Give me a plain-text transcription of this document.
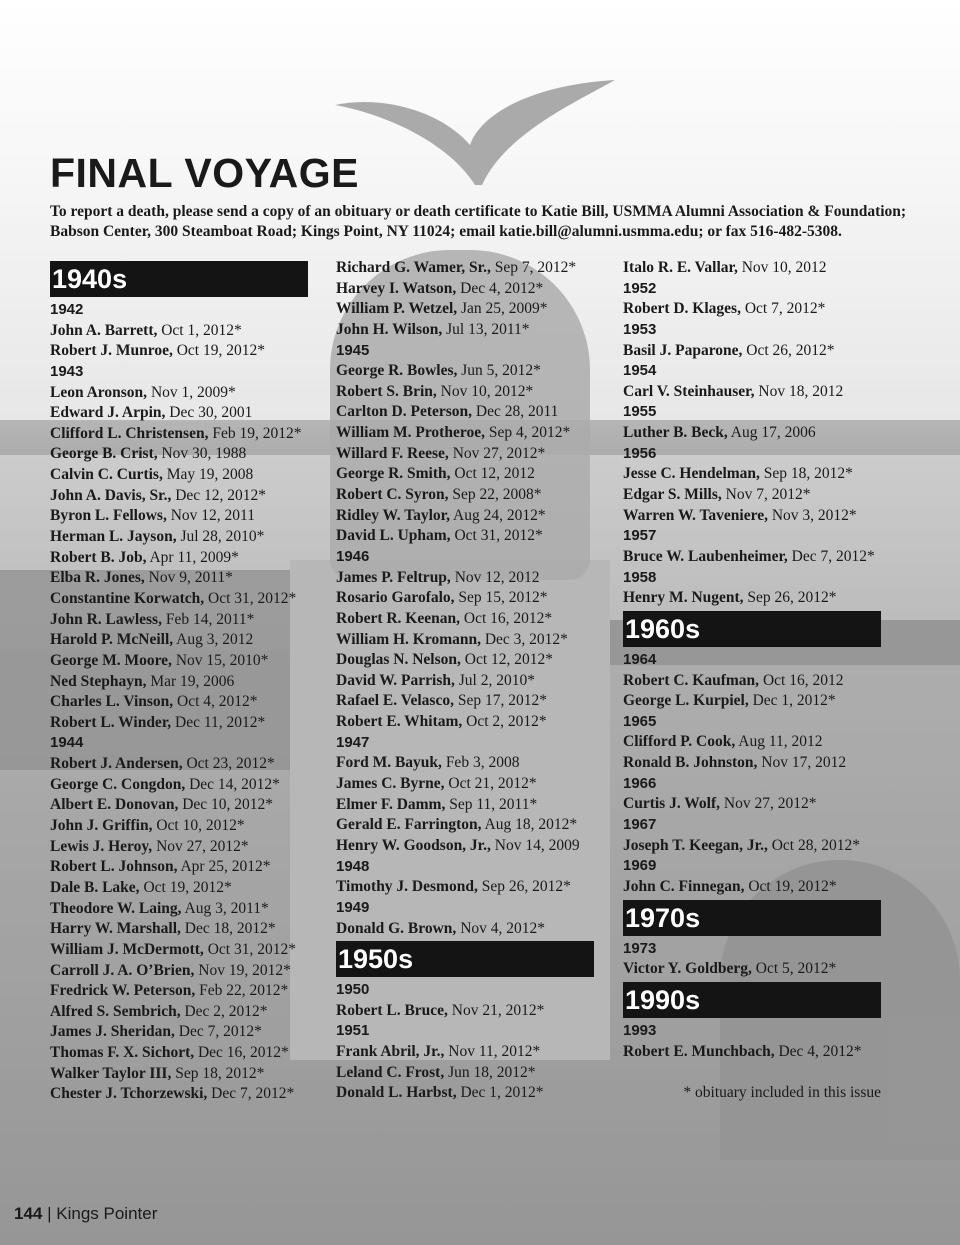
FINAL VOYAGE

To report a death, please send a copy of an obituary or death certificate to Katie Bill, USMMA Alumni Association & Foundation; Babson Center, 300 Steamboat Road; Kings Point, NY 11024; email katie.bill@alumni.usmma.edu; or fax 516-482-5308.

1940s
1942
John A. Barrett, Oct 1, 2012*
Robert J. Munroe, Oct 19, 2012*
1943
Leon Aronson, Nov 1, 2009*
Edward J. Arpin, Dec 30, 2001
Clifford L. Christensen, Feb 19, 2012*
George B. Crist, Nov 30, 1988
Calvin C. Curtis, May 19, 2008
John A. Davis, Sr., Dec 12, 2012*
Byron L. Fellows, Nov 12, 2011
Herman L. Jayson, Jul 28, 2010*
Robert B. Job, Apr 11, 2009*
Elba R. Jones, Nov 9, 2011*
Constantine Korwatch, Oct 31, 2012*
John R. Lawless, Feb 14, 2011*
Harold P. McNeill, Aug 3, 2012
George M. Moore, Nov 15, 2010*
Ned Stephayn, Mar 19, 2006
Charles L. Vinson, Oct 4, 2012*
Robert L. Winder, Dec 11, 2012*
1944
Robert J. Andersen, Oct 23, 2012*
George C. Congdon, Dec 14, 2012*
Albert E. Donovan, Dec 10, 2012*
John J. Griffin, Oct 10, 2012*
Lewis J. Heroy, Nov 27, 2012*
Robert L. Johnson, Apr 25, 2012*
Dale B. Lake, Oct 19, 2012*
Theodore W. Laing, Aug 3, 2011*
Harry W. Marshall, Dec 18, 2012*
William J. McDermott, Oct 31, 2012*
Carroll J. A. O’Brien, Nov 19, 2012*
Fredrick W. Peterson, Feb 22, 2012*
Alfred S. Sembrich, Dec 2, 2012*
James J. Sheridan, Dec 7, 2012*
Thomas F. X. Sichort, Dec 16, 2012*
Walker Taylor III, Sep 18, 2012*
Chester J. Tchorzewski, Dec 7, 2012*
Richard G. Wamer, Sr., Sep 7, 2012*
Harvey I. Watson, Dec 4, 2012*
William P. Wetzel, Jan 25, 2009*
John H. Wilson, Jul 13, 2011*
1945
George R. Bowles, Jun 5, 2012*
Robert S. Brin, Nov 10, 2012*
Carlton D. Peterson, Dec 28, 2011
William M. Protheroe, Sep 4, 2012*
Willard F. Reese, Nov 27, 2012*
George R. Smith, Oct 12, 2012
Robert C. Syron, Sep 22, 2008*
Ridley W. Taylor, Aug 24, 2012*
David L. Upham, Oct 31, 2012*
1946
James P. Feltrup, Nov 12, 2012
Rosario Garofalo, Sep 15, 2012*
Robert R. Keenan, Oct 16, 2012*
William H. Kromann, Dec 3, 2012*
Douglas N. Nelson, Oct 12, 2012*
David W. Parrish, Jul 2, 2010*
Rafael E. Velasco, Sep 17, 2012*
Robert E. Whitam, Oct 2, 2012*
1947
Ford M. Bayuk, Feb 3, 2008
James C. Byrne, Oct 21, 2012*
Elmer F. Damm, Sep 11, 2011*
Gerald E. Farrington, Aug 18, 2012*
Henry W. Goodson, Jr., Nov 14, 2009
1948
Timothy J. Desmond, Sep 26, 2012*
1949
Donald G. Brown, Nov 4, 2012*
1950s
1950
Robert L. Bruce, Nov 21, 2012*
1951
Frank Abril, Jr., Nov 11, 2012*
Leland C. Frost, Jun 18, 2012*
Donald L. Harbst, Dec 1, 2012*
Italo R. E. Vallar, Nov 10, 2012
1952
Robert D. Klages, Oct 7, 2012*
1953
Basil J. Paparone, Oct 26, 2012*
1954
Carl V. Steinhauser, Nov 18, 2012
1955
Luther B. Beck, Aug 17, 2006
1956
Jesse C. Hendelman, Sep 18, 2012*
Edgar S. Mills, Nov 7, 2012*
Warren W. Taveniere, Nov 3, 2012*
1957
Bruce W. Laubenheimer, Dec 7, 2012*
1958
Henry M. Nugent, Sep 26, 2012*
1960s
1964
Robert C. Kaufman, Oct 16, 2012
George L. Kurpiel, Dec 1, 2012*
1965
Clifford P. Cook, Aug 11, 2012
Ronald B. Johnston, Nov 17, 2012
1966
Curtis J. Wolf, Nov 27, 2012*
1967
Joseph T. Keegan, Jr., Oct 28, 2012*
1969
John C. Finnegan, Oct 19, 2012*
1970s
1973
Victor Y. Goldberg, Oct 5, 2012*
1990s
1993
Robert E. Munchbach, Dec 4, 2012*
* obituary included in this issue
144 | Kings Pointer
